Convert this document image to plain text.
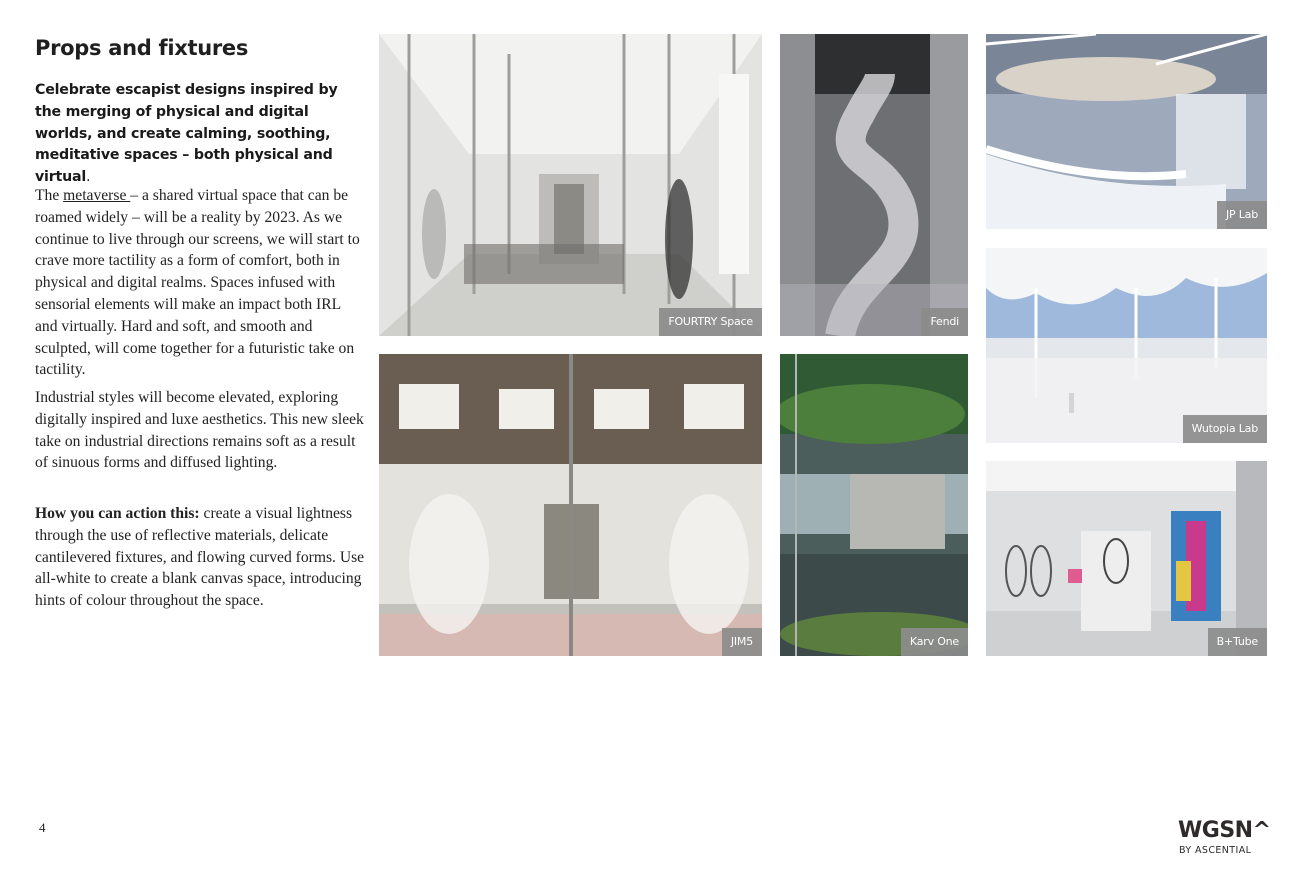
Props and fixtures

Celebrate escapist designs inspired by the merging of physical and digital worlds, and create calming, soothing, meditative spaces – both physical and virtual.

The metaverse – a shared virtual space that can be roamed widely – will be a reality by 2023. As we continue to live through our screens, we will start to crave more tactility as a form of comfort, both in physical and digital realms. Spaces infused with sensorial elements will make an impact both IRL and virtually. Hard and soft, and smooth and sculpted, will come together for a futuristic take on tactility.

Industrial styles will become elevated, exploring digitally inspired and luxe aesthetics. This new sleek take on industrial directions remains soft as a result of sinuous forms and diffused lighting.

How you can action this: create a visual lightness through the use of reflective materials, delicate cantilevered fixtures, and flowing curved forms. Use all-white to create a blank canvas space, introducing hints of colour throughout the space.

FOURTRY Space	Fendi
JP Lab
Wutopia Lab
JIM5	Karv One	B+Tube
4	WGSN^
BY ASCENTIAL
